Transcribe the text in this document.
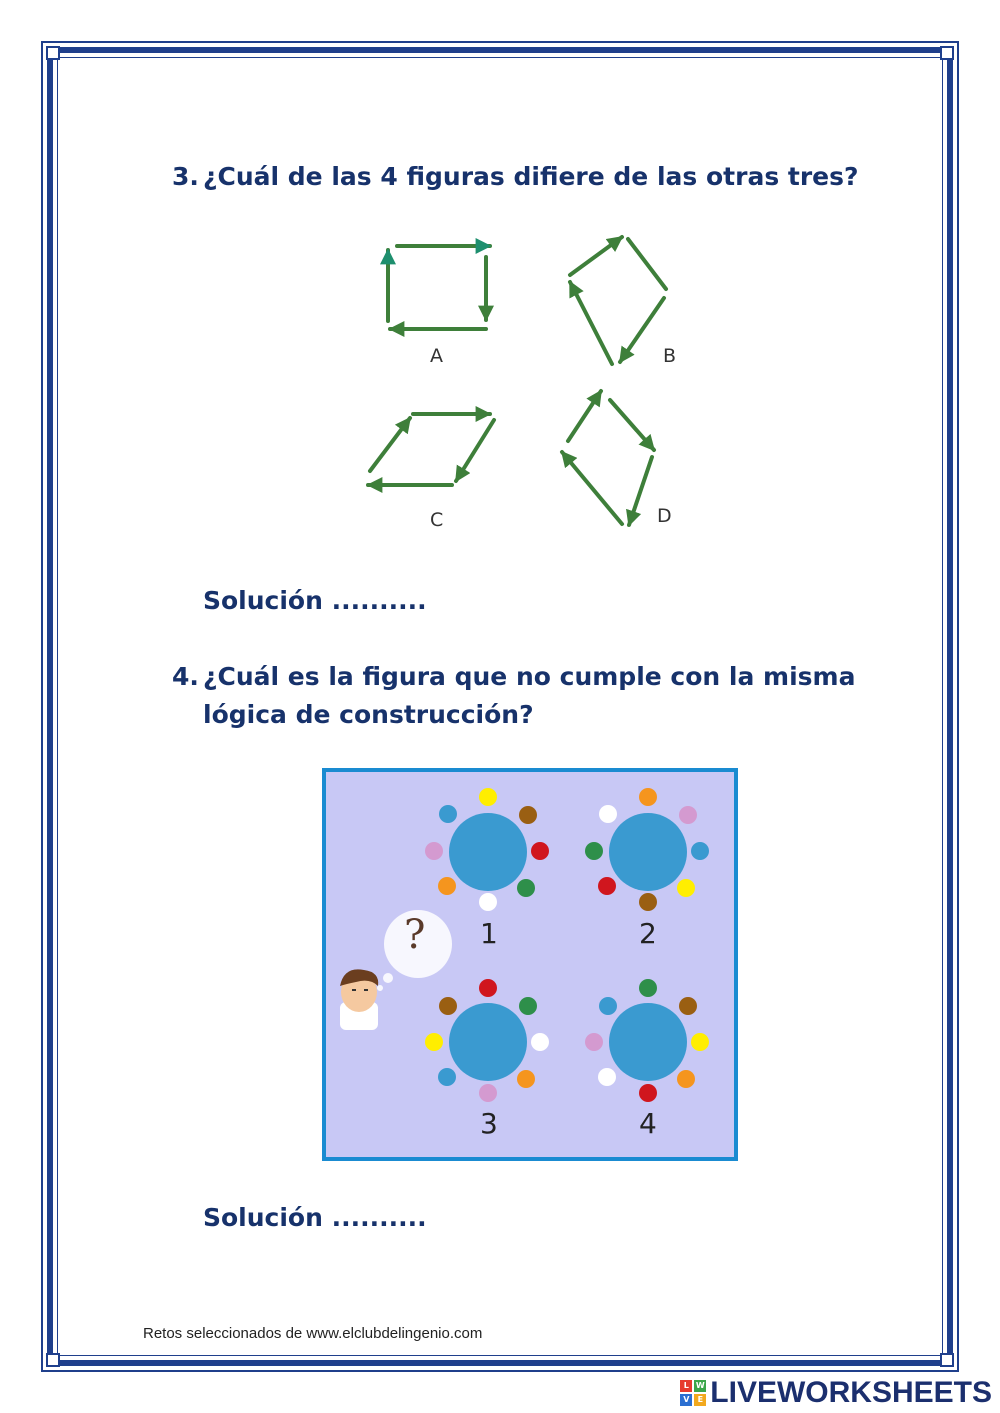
3. ¿Cuál de las 4 figuras difiere de las otras tres?
A	B
C	D
Solución ..........
4. ¿Cuál es la figura que no cumple con la misma
lógica de construcción?
? 1	2
3	4
Solución ..........
Retos seleccionados de www.elclubdelingenio.com
L W
V	E LIVEWORKSHEETS
